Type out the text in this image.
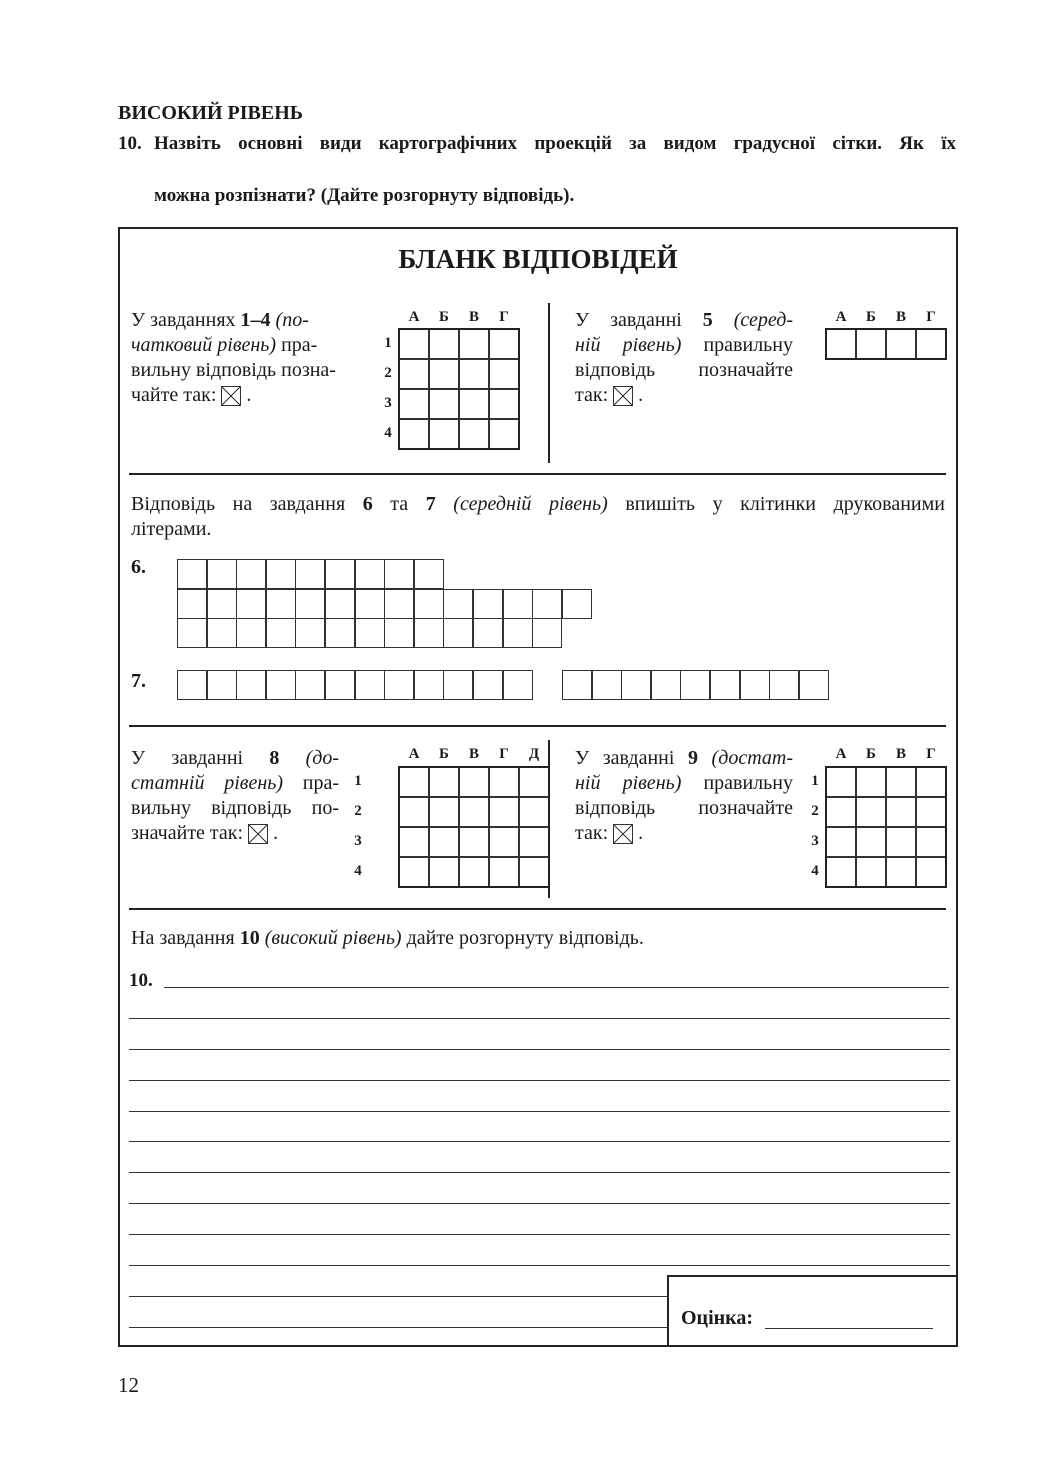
ВИСОКИЙ РІВЕНЬ
10. Назвіть основні види картографічних проекцій за видом градусної сітки. Як їх
можна розпізнати? (Дайте розгорнуту відповідь).
БЛАНК ВІДПОВІДЕЙ
У завданнях 1–4 (по-
чатковий рівень) пра-
вильну відповідь позна-
чайте так:  .
У завданні 5 (серед-
ній рівень) правильну
відповідь позначайте
так:  .
Відповідь на завдання 6 та 7 (середній рівень) впишіть у клітинки друкованими
літерами.
6.
7.
У завданні 8 (до-
статній рівень) пра-
вильну відповідь по-
значайте так:  .
У завданні 9 (достат-
ній рівень) правильну
відповідь позначайте
так:  .
На завдання 10 (високий рівень) дайте розгорнуту відповідь.
10.
12
А	Б	В	Г
1
2
3
4
А	Б	В	Г
А	Б	В	Г	Д
1
2
3
4
А	Б	В	Г
1
2
3
4
Оцінка:
